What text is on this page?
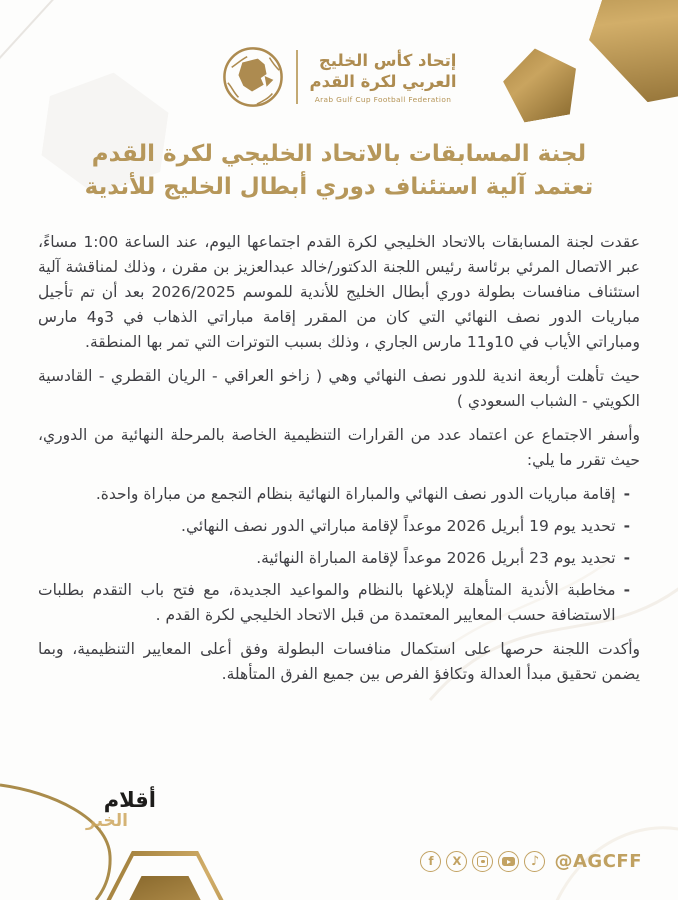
إتحاد كأس الخليج
العربي لكرة القدم
Arab Gulf Cup Football Federation
لجنة المسابقات بالاتحاد الخليجي لكرة القدم
تعتمد آلية استئناف دوري أبطال الخليج للأندية

عقدت لجنة المسابقات بالاتحاد الخليجي لكرة القدم اجتماعها اليوم، عند الساعة 1:00 مساءً، عبر الاتصال المرئي برئاسة رئيس اللجنة الدكتور/خالد عبدالعزيز بن مقرن ، وذلك لمناقشة آلية استئناف منافسات بطولة دوري أبطال الخليج للأندية للموسم 2026/2025 بعد أن تم تأجيل مباريات الدور نصف النهائي التي كان من المقرر إقامة مباراتي الذهاب في 3و4 مارس ومباراتي الأياب في 10و11 مارس الجاري ، وذلك بسبب التوترات التي تمر بها المنطقة.

حيث تأهلت أربعة اندية للدور نصف النهائي وهي ( زاخو العراقي - الريان القطري - القادسية الكويتي - الشباب السعودي )

وأسفر الاجتماع عن اعتماد عدد من القرارات التنظيمية الخاصة بالمرحلة النهائية من الدوري، حيث تقرر ما يلي:

-
إقامة مباريات الدور نصف النهائي والمباراة النهائية بنظام التجمع من مباراة واحدة.
-
تحديد يوم 19 أبريل 2026 موعداً لإقامة مباراتي الدور نصف النهائي.
-
تحديد يوم 23 أبريل 2026 موعداً لإقامة المباراة النهائية.
-
مخاطبة الأندية المتأهلة لإبلاغها بالنظام والمواعيد الجديدة، مع فتح باب التقدم بطلبات الاستضافة حسب المعايير المعتمدة من قبل الاتحاد الخليجي لكرة القدم .

وأكدت اللجنة حرصها على استكمال منافسات البطولة وفق أعلى المعايير التنظيمية، وبما يضمن تحقيق مبدأ العدالة وتكافؤ الفرص بين جميع الفرق المتأهلة.

أقلام
الخبر
f X	♪ @AGCFF
